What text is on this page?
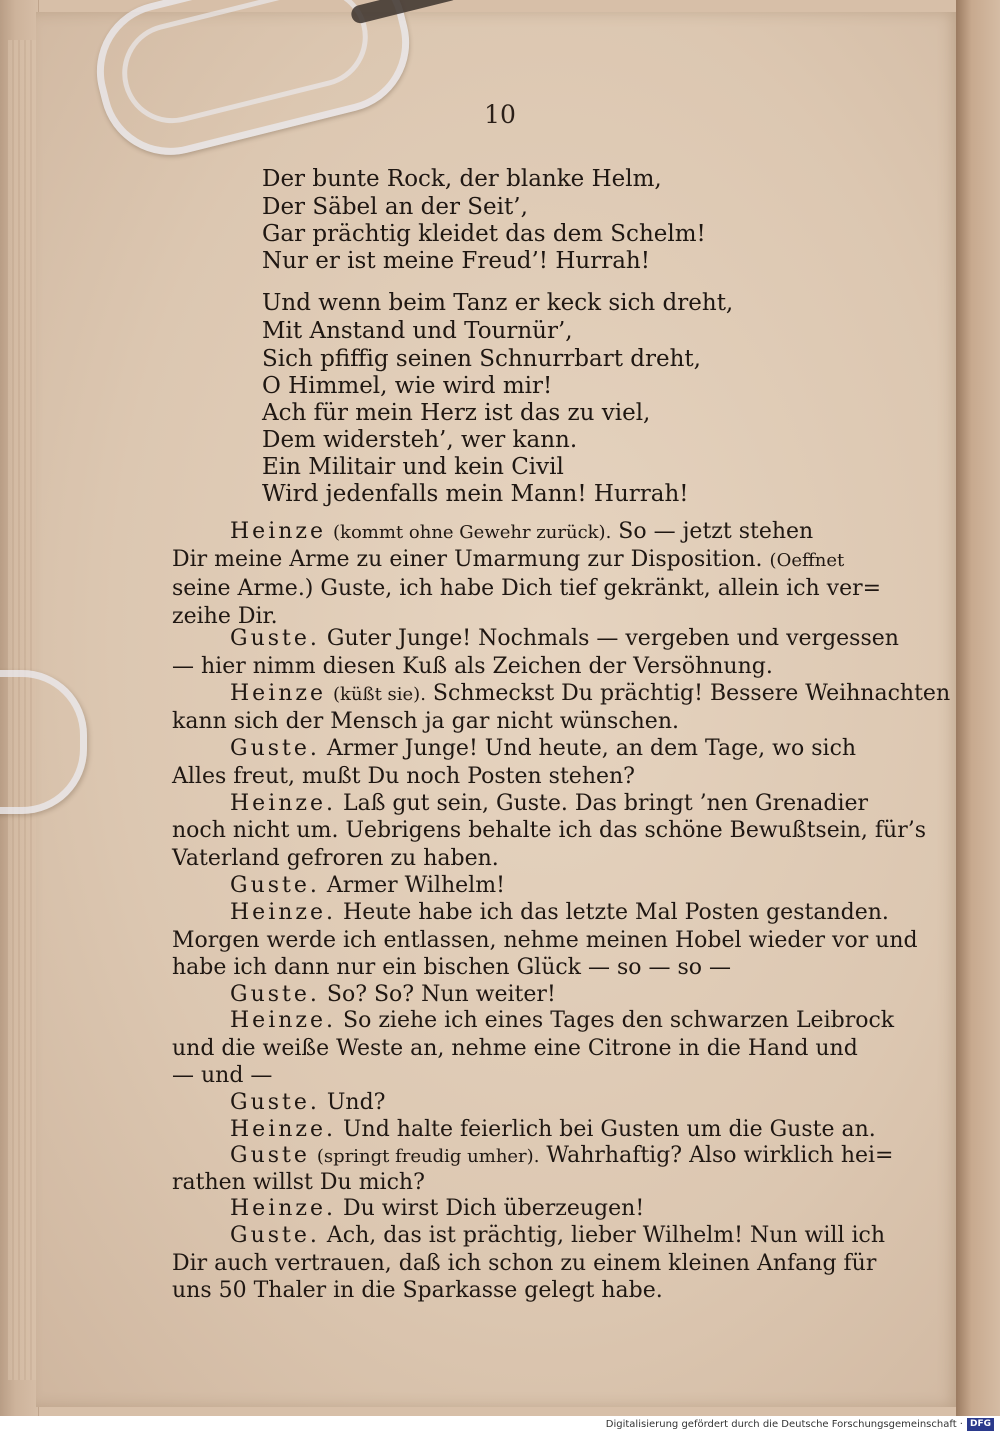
10
Der bunte Rock, der blanke Helm,
Der Säbel an der Seit’,
Gar prächtig kleidet das dem Schelm!
Nur er ist meine Freud’! Hurrah!
Und wenn beim Tanz er keck sich dreht,
Mit Anstand und Tournür’,
Sich pfiffig seinen Schnurrbart dreht,
O Himmel, wie wird mir!
Ach für mein Herz ist das zu viel,
Dem widersteh’, wer kann.
Ein Militair und kein Civil
Wird jedenfalls mein Mann! Hurrah!
Heinze (kommt ohne Gewehr zurück). So — jetzt stehen
Dir meine Arme zu einer Umarmung zur Disposition. (Oeffnet
seine Arme.) Guste, ich habe Dich tief gekränkt, allein ich ver=
zeihe Dir.
Guste. Guter Junge! Nochmals — vergeben und vergessen
— hier nimm diesen Kuß als Zeichen der Versöhnung.
Heinze (küßt sie). Schmeckst Du prächtig! Bessere Weihnachten
kann sich der Mensch ja gar nicht wünschen.
Guste. Armer Junge! Und heute, an dem Tage, wo sich
Alles freut, mußt Du noch Posten stehen?
Heinze. Laß gut sein, Guste. Das bringt ’nen Grenadier
noch nicht um. Uebrigens behalte ich das schöne Bewußtsein, für’s
Vaterland gefroren zu haben.
Guste. Armer Wilhelm!
Heinze. Heute habe ich das letzte Mal Posten gestanden.
Morgen werde ich entlassen, nehme meinen Hobel wieder vor und
habe ich dann nur ein bischen Glück — so — so —
Guste. So? So? Nun weiter!
Heinze. So ziehe ich eines Tages den schwarzen Leibrock
und die weiße Weste an, nehme eine Citrone in die Hand und
— und —
Guste. Und?
Heinze. Und halte feierlich bei Gusten um die Guste an.
Guste (springt freudig umher). Wahrhaftig? Also wirklich hei=
rathen willst Du mich?
Heinze. Du wirst Dich überzeugen!
Guste. Ach, das ist prächtig, lieber Wilhelm! Nun will ich
Dir auch vertrauen, daß ich schon zu einem kleinen Anfang für
uns 50 Thaler in die Sparkasse gelegt habe.
Digitalisierung gefördert durch die Deutsche Forschungsgemeinschaft · DFG
